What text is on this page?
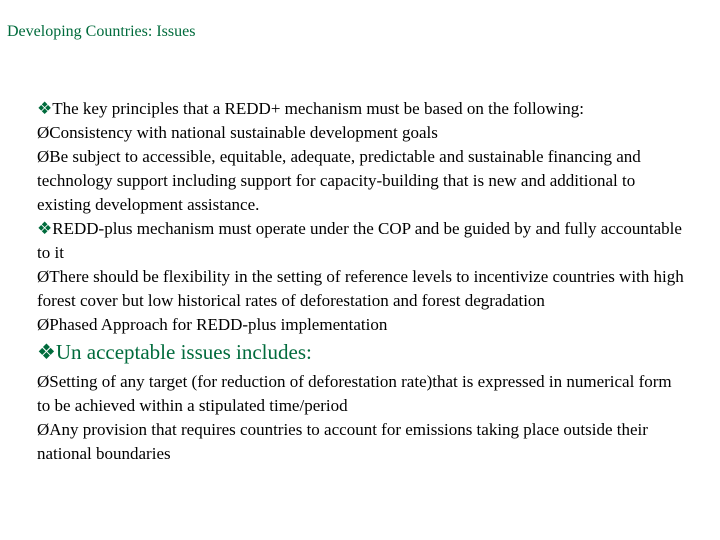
Developing Countries: Issues

❖The key principles that a REDD+ mechanism must be based on the following:

ØConsistency with national sustainable development goals

ØBe subject to accessible, equitable, adequate, predictable and sustainable financing and technology support including support for capacity-building that is new and additional to existing development assistance.

❖REDD-plus mechanism must operate under the COP and be guided by and fully accountable to it

ØThere should be flexibility in the setting of reference levels to incentivize countries with high forest cover but low historical rates of deforestation and forest degradation

ØPhased Approach for REDD-plus implementation

❖Un acceptable issues includes:

ØSetting of any target (for reduction of deforestation rate)that is expressed in numerical form to be achieved within a stipulated time/period

ØAny provision that requires countries to account for emissions taking place outside their national boundaries
